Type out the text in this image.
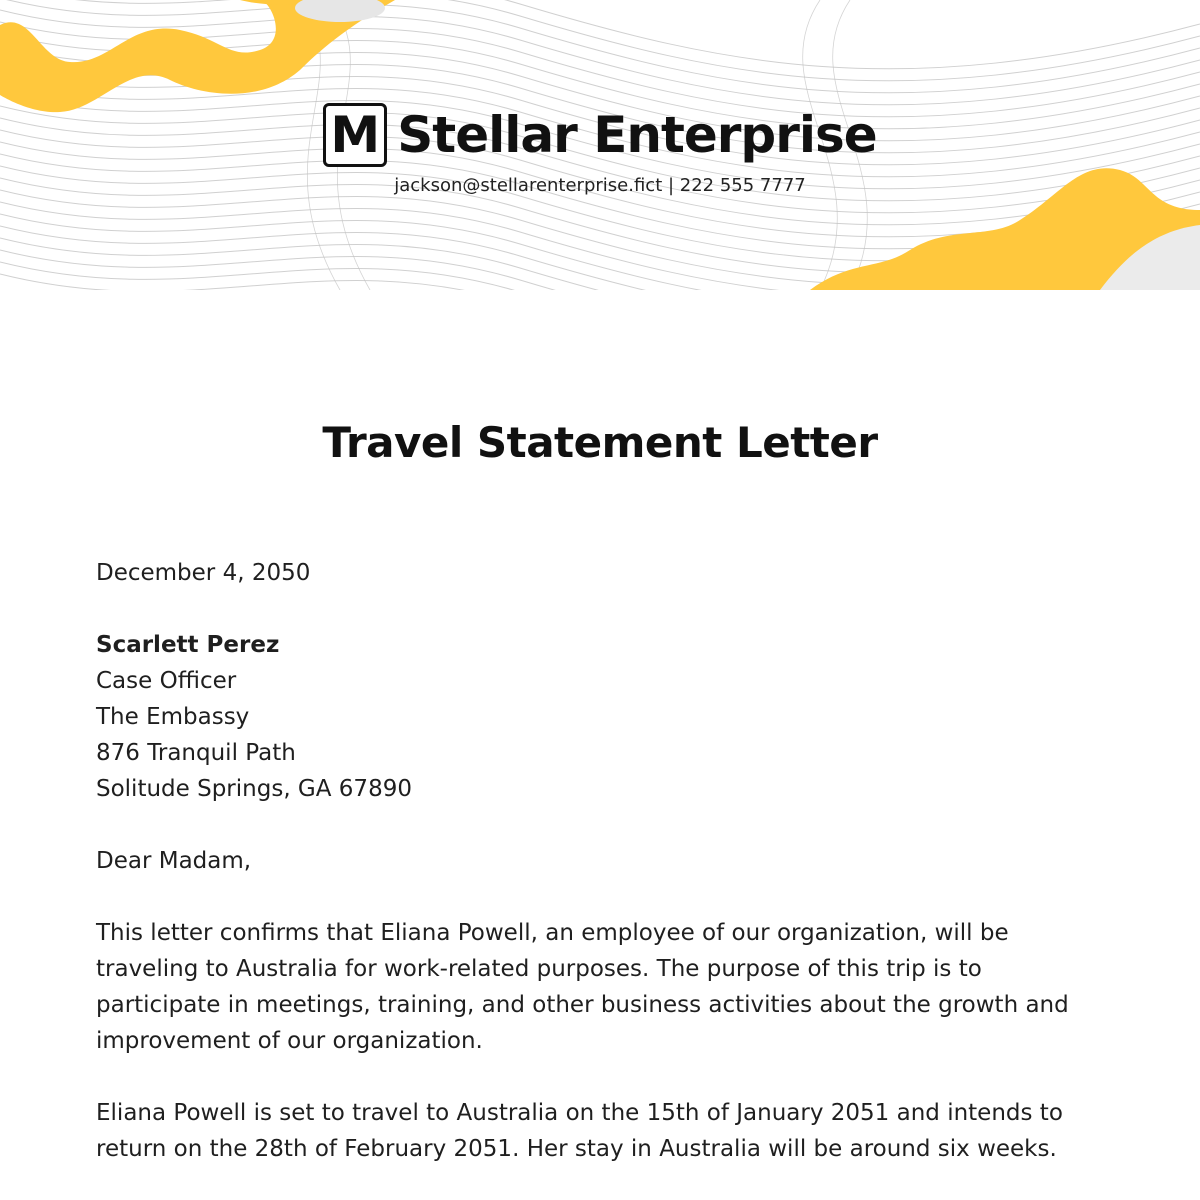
M Stellar Enterprise
jackson@stellarenterprise.fict | 222 555 7777
Travel Statement Letter
December 4, 2050

Scarlett Perez

Case Officer

The Embassy

876 Tranquil Path

Solitude Springs, GA 67890

Dear Madam,
This letter confirms that Eliana Powell, an employee of our organization, will be traveling to Australia for work-related purposes. The purpose of this trip is to participate in meetings, training, and other business activities about the growth and improvement of our organization.
Eliana Powell is set to travel to Australia on the 15th of January 2051 and intends to return on the 28th of February 2051. Her stay in Australia will be around six weeks.
